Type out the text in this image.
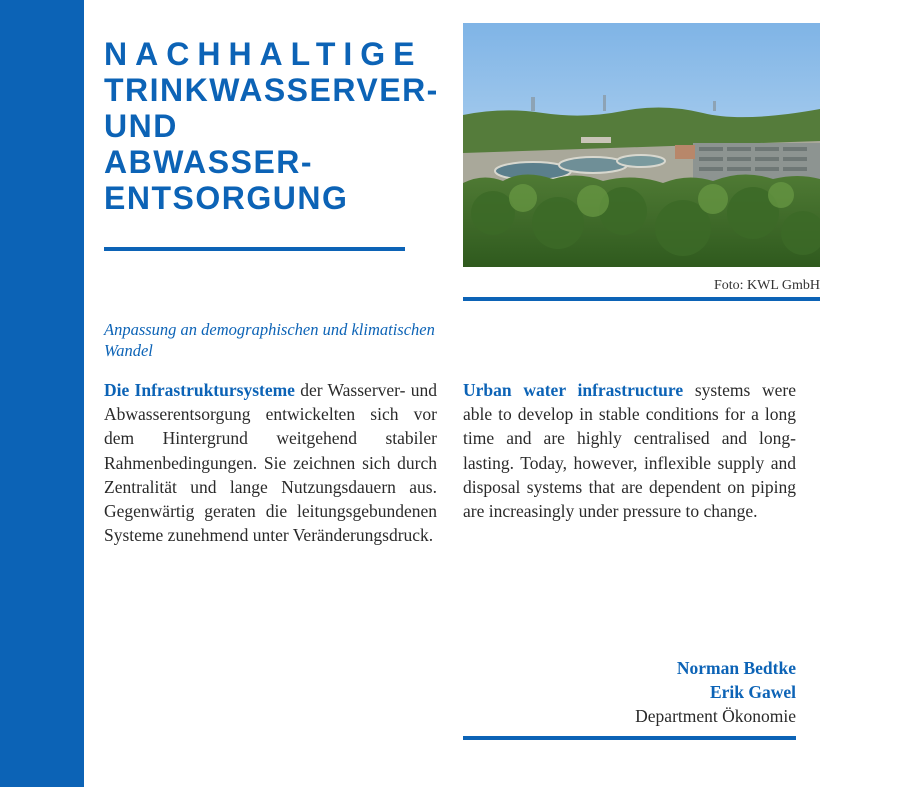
NACHHALTIGE
TRINKWASSERVER-
UND
ABWASSER-
ENTSORGUNG
Foto: KWL GmbH
Anpassung an demographischen und klimatischen Wandel
Die Infrastruktursysteme der Wasserver- und Abwasserentsorgung entwickelten sich vor dem Hintergrund weitgehend stabiler Rahmenbedingungen. Sie zeichnen sich durch Zentralität und lange Nutzungsdauern aus. Gegenwärtig geraten die leitungsgebundenen Systeme zunehmend unter Veränderungsdruck.
Urban water infrastructure systems were able to develop in stable conditions for a long time and are highly centralised and long-lasting. Today, however, inflexible supply and disposal systems that are dependent on piping are increasingly under pressure to change.
Norman Bedtke
Erik Gawel
Department Ökonomie
